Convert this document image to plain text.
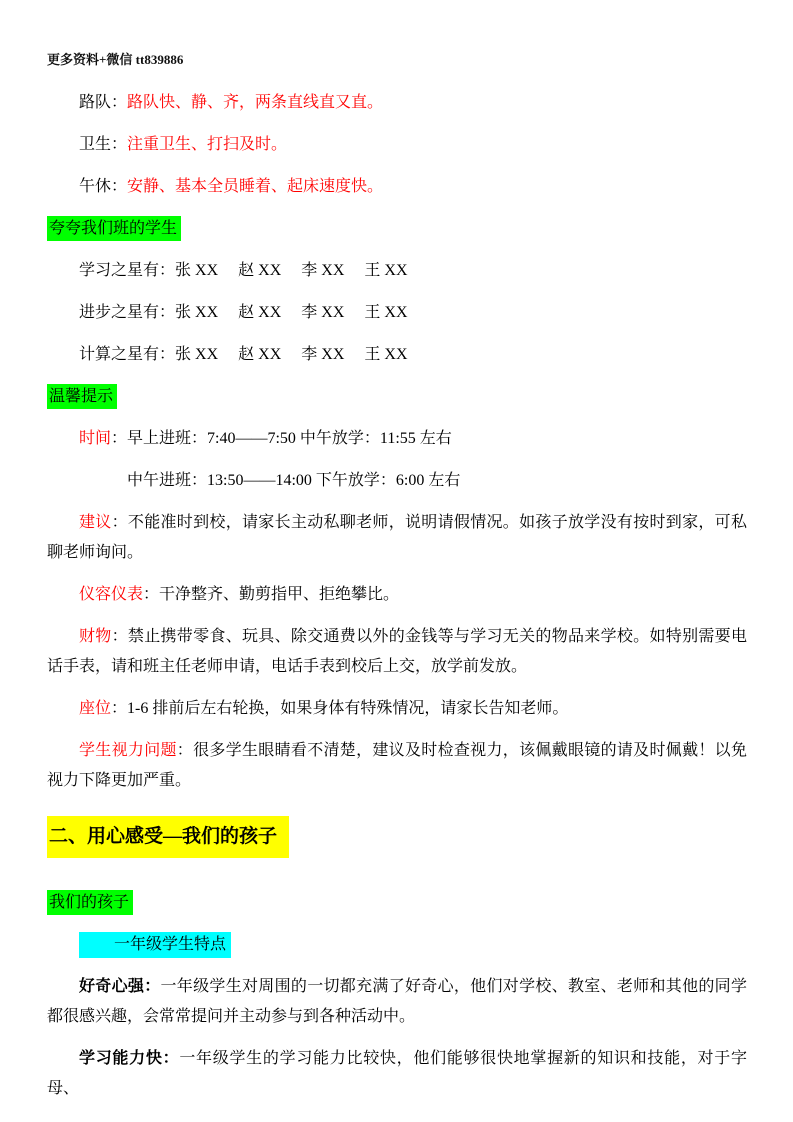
更多资料+微信 tt839886

路队：路队快、静、齐，两条直线直又直。

卫生：注重卫生、打扫及时。

午休：安静、基本全员睡着、起床速度快。

夸夸我们班的学生

学习之星有：张 XX 赵 XX 李 XX 王 XX

进步之星有：张 XX 赵 XX 李 XX 王 XX

计算之星有：张 XX 赵 XX 李 XX 王 XX

温馨提示

时间：早上进班：7:40——7:50 中午放学：11:55 左右

中午进班：13:50——14:00 下午放学：6:00 左右

建议：不能准时到校，请家长主动私聊老师，说明请假情况。如孩子放学没有按时到家，可私聊老师询问。

仪容仪表：干净整齐、勤剪指甲、拒绝攀比。

财物：禁止携带零食、玩具、除交通费以外的金钱等与学习无关的物品来学校。如特别需要电话手表，请和班主任老师申请，电话手表到校后上交，放学前发放。

座位：1-6 排前后左右轮换，如果身体有特殊情况，请家长告知老师。

学生视力问题：很多学生眼睛看不清楚，建议及时检查视力，该佩戴眼镜的请及时佩戴！以免视力下降更加严重。

二、用心感受—我们的孩子

我们的孩子

一年级学生特点

好奇心强：一年级学生对周围的一切都充满了好奇心，他们对学校、教室、老师和其他的同学都很感兴趣，会常常提问并主动参与到各种活动中。

学习能力快：一年级学生的学习能力比较快，他们能够很快地掌握新的知识和技能，对于字母、
